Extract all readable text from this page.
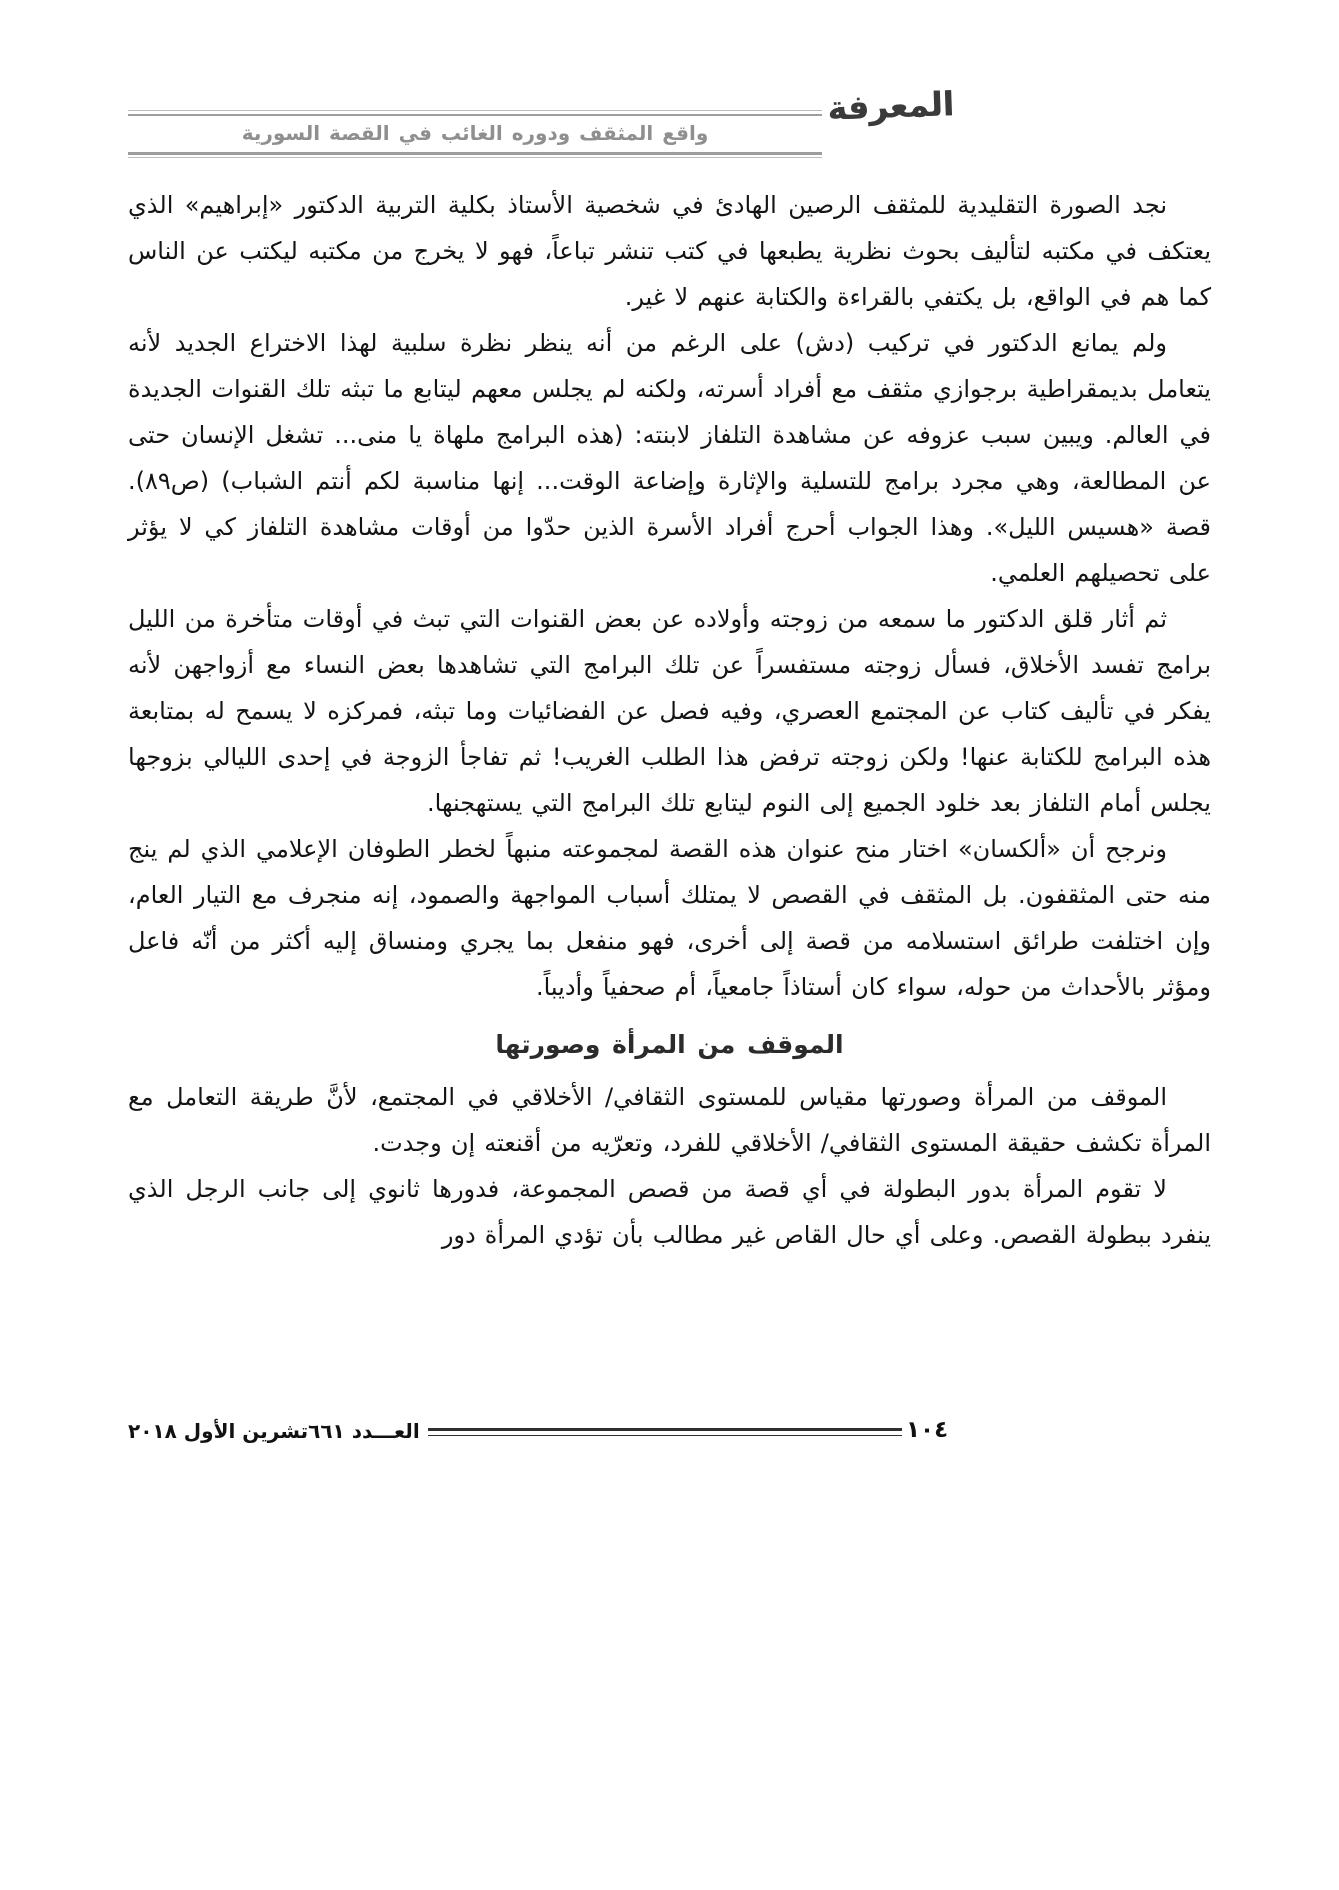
واقع المثقف ودوره الغائب في القصة السورية
المعرفة

نجد الصورة التقليدية للمثقف الرصين الهادئ في شخصية الأستاذ بكلية التربية الدكتور «إبراهيم» الذي يعتكف في مكتبه لتأليف بحوث نظرية يطبعها في كتب تنشر تباعاً، فهو لا يخرج من مكتبه ليكتب عن الناس كما هم في الواقع، بل يكتفي بالقراءة والكتابة عنهم لا غير.

ولم يمانع الدكتور في تركيب (دش) على الرغم من أنه ينظر نظرة سلبية لهذا الاختراع الجديد لأنه يتعامل بديمقراطية برجوازي مثقف مع أفراد أسرته، ولكنه لم يجلس معهم ليتابع ما تبثه تلك القنوات الجديدة في العالم. ويبين سبب عزوفه عن مشاهدة التلفاز لابنته: (هذه البرامج ملهاة يا منى... تشغل الإنسان حتى عن المطالعة، وهي مجرد برامج للتسلية والإثارة وإضاعة الوقت... إنها مناسبة لكم أنتم الشباب) (ص٨٩). قصة «هسيس الليل». وهذا الجواب أحرج أفراد الأسرة الذين حدّوا من أوقات مشاهدة التلفاز كي لا يؤثر على تحصيلهم العلمي.

ثم أثار قلق الدكتور ما سمعه من زوجته وأولاده عن بعض القنوات التي تبث في أوقات متأخرة من الليل برامج تفسد الأخلاق، فسأل زوجته مستفسراً عن تلك البرامج التي تشاهدها بعض النساء مع أزواجهن لأنه يفكر في تأليف كتاب عن المجتمع العصري، وفيه فصل عن الفضائيات وما تبثه، فمركزه لا يسمح له بمتابعة هذه البرامج للكتابة عنها! ولكن زوجته ترفض هذا الطلب الغريب! ثم تفاجأ الزوجة في إحدى الليالي بزوجها يجلس أمام التلفاز بعد خلود الجميع إلى النوم ليتابع تلك البرامج التي يستهجنها.

ونرجح أن «ألكسان» اختار منح عنوان هذه القصة لمجموعته منبهاً لخطر الطوفان الإعلامي الذي لم ينج منه حتى المثقفون. بل المثقف في القصص لا يمتلك أسباب المواجهة والصمود، إنه منجرف مع التيار العام، وإن اختلفت طرائق استسلامه من قصة إلى أخرى، فهو منفعل بما يجري ومنساق إليه أكثر من أنّه فاعل ومؤثر بالأحداث من حوله، سواء كان أستاذاً جامعياً، أم صحفياً وأديباً.

الموقف من المرأة وصورتها

الموقف من المرأة وصورتها مقياس للمستوى الثقافي/ الأخلاقي في المجتمع، لأنَّ طريقة التعامل مع المرأة تكشف حقيقة المستوى الثقافي/ الأخلاقي للفرد، وتعرّيه من أقنعته إن وجدت.

لا تقوم المرأة بدور البطولة في أي قصة من قصص المجموعة، فدورها ثانوي إلى جانب الرجل الذي ينفرد ببطولة القصص. وعلى أي حال القاص غير مطالب بأن تؤدي المرأة دور

العـــدد ٦٦١تشرين الأول ٢٠١٨	١٠٤
